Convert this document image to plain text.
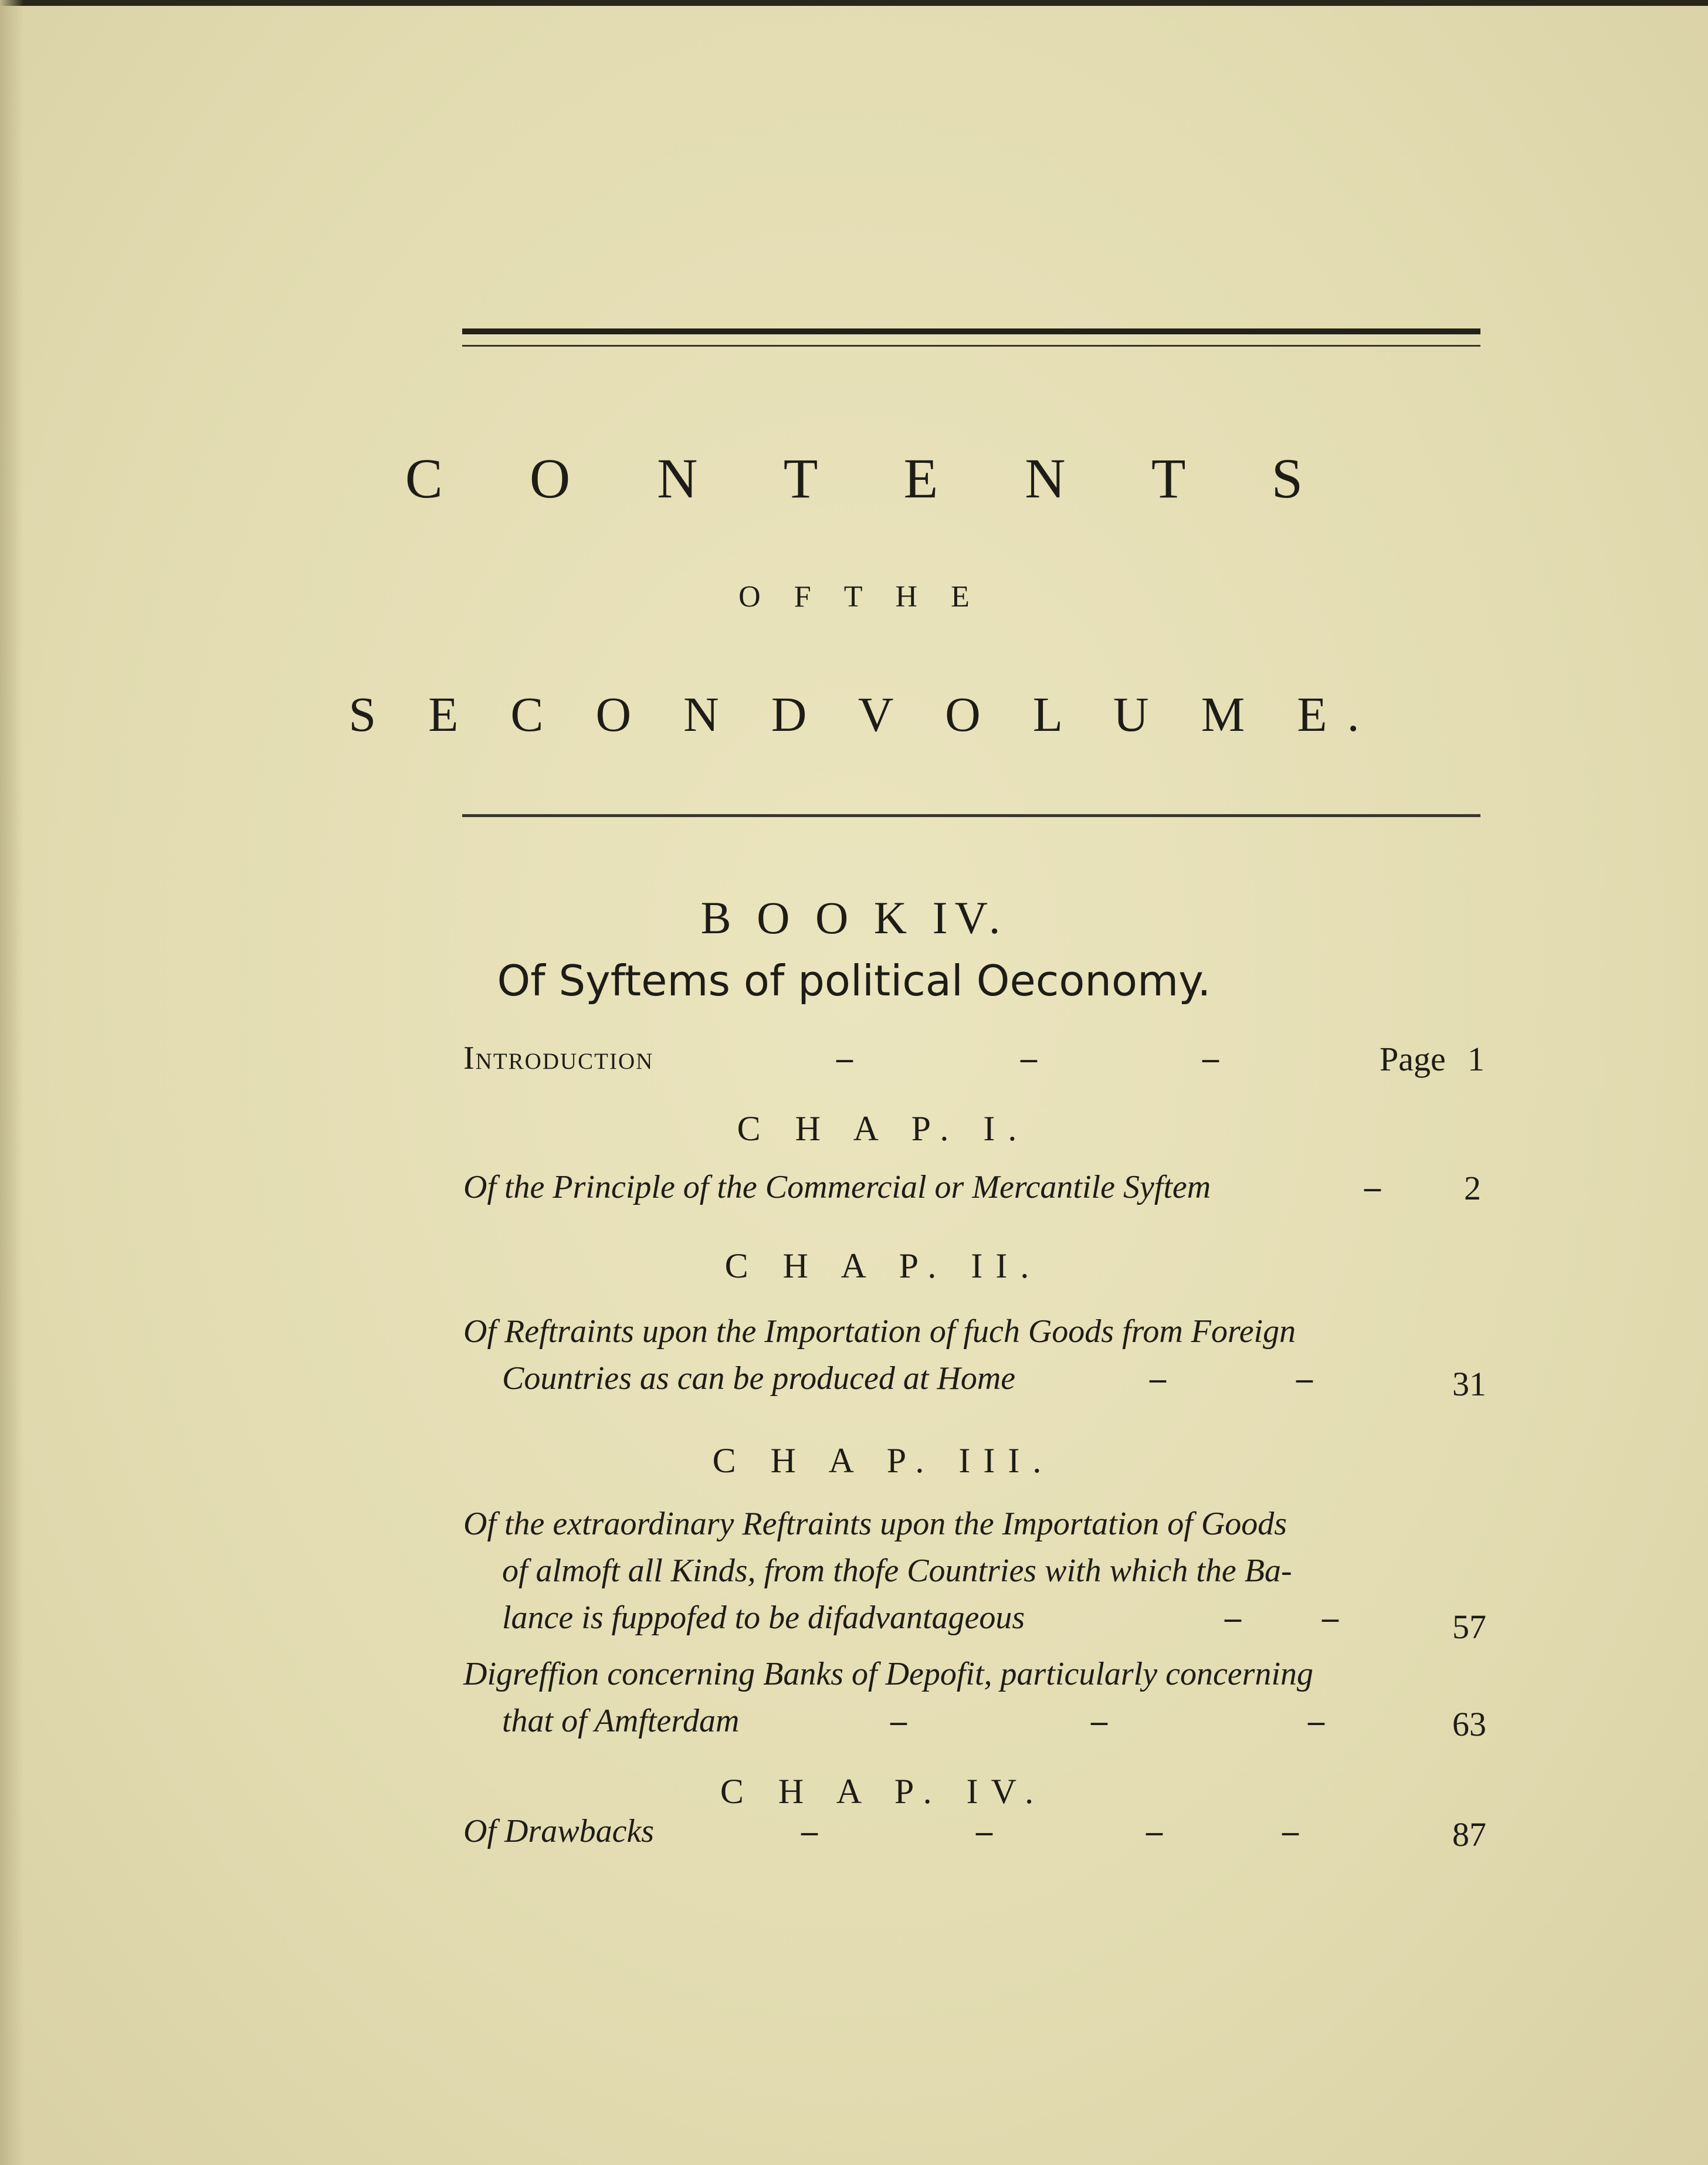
C O N T E N T S
O F T H E
S E C O N D V O L U M E.
B O O K IV.
Of Syftems of political Oeconomy.
Introduction	–	–	–	Page 1
C H A P. I.
Of the Principle of the Commercial or Mercantile Syftem	– 2
C H A P. II.
Of Reftraints upon the Importation of fuch Goods from Foreign
Countries as can be produced at Home	–	–	31
C H A P. III.
Of the extraordinary Reftraints upon the Importation of Goods
of almoft all Kinds, from thofe Countries with which the Ba-
lance is fuppofed to be difadvantageous	– –	57
Digreffion concerning Banks of Depofit, particularly concerning
that of Amfterdam	–	–	–	63
C H A P. IV.
Of Drawbacks	–	–	–	–	87
